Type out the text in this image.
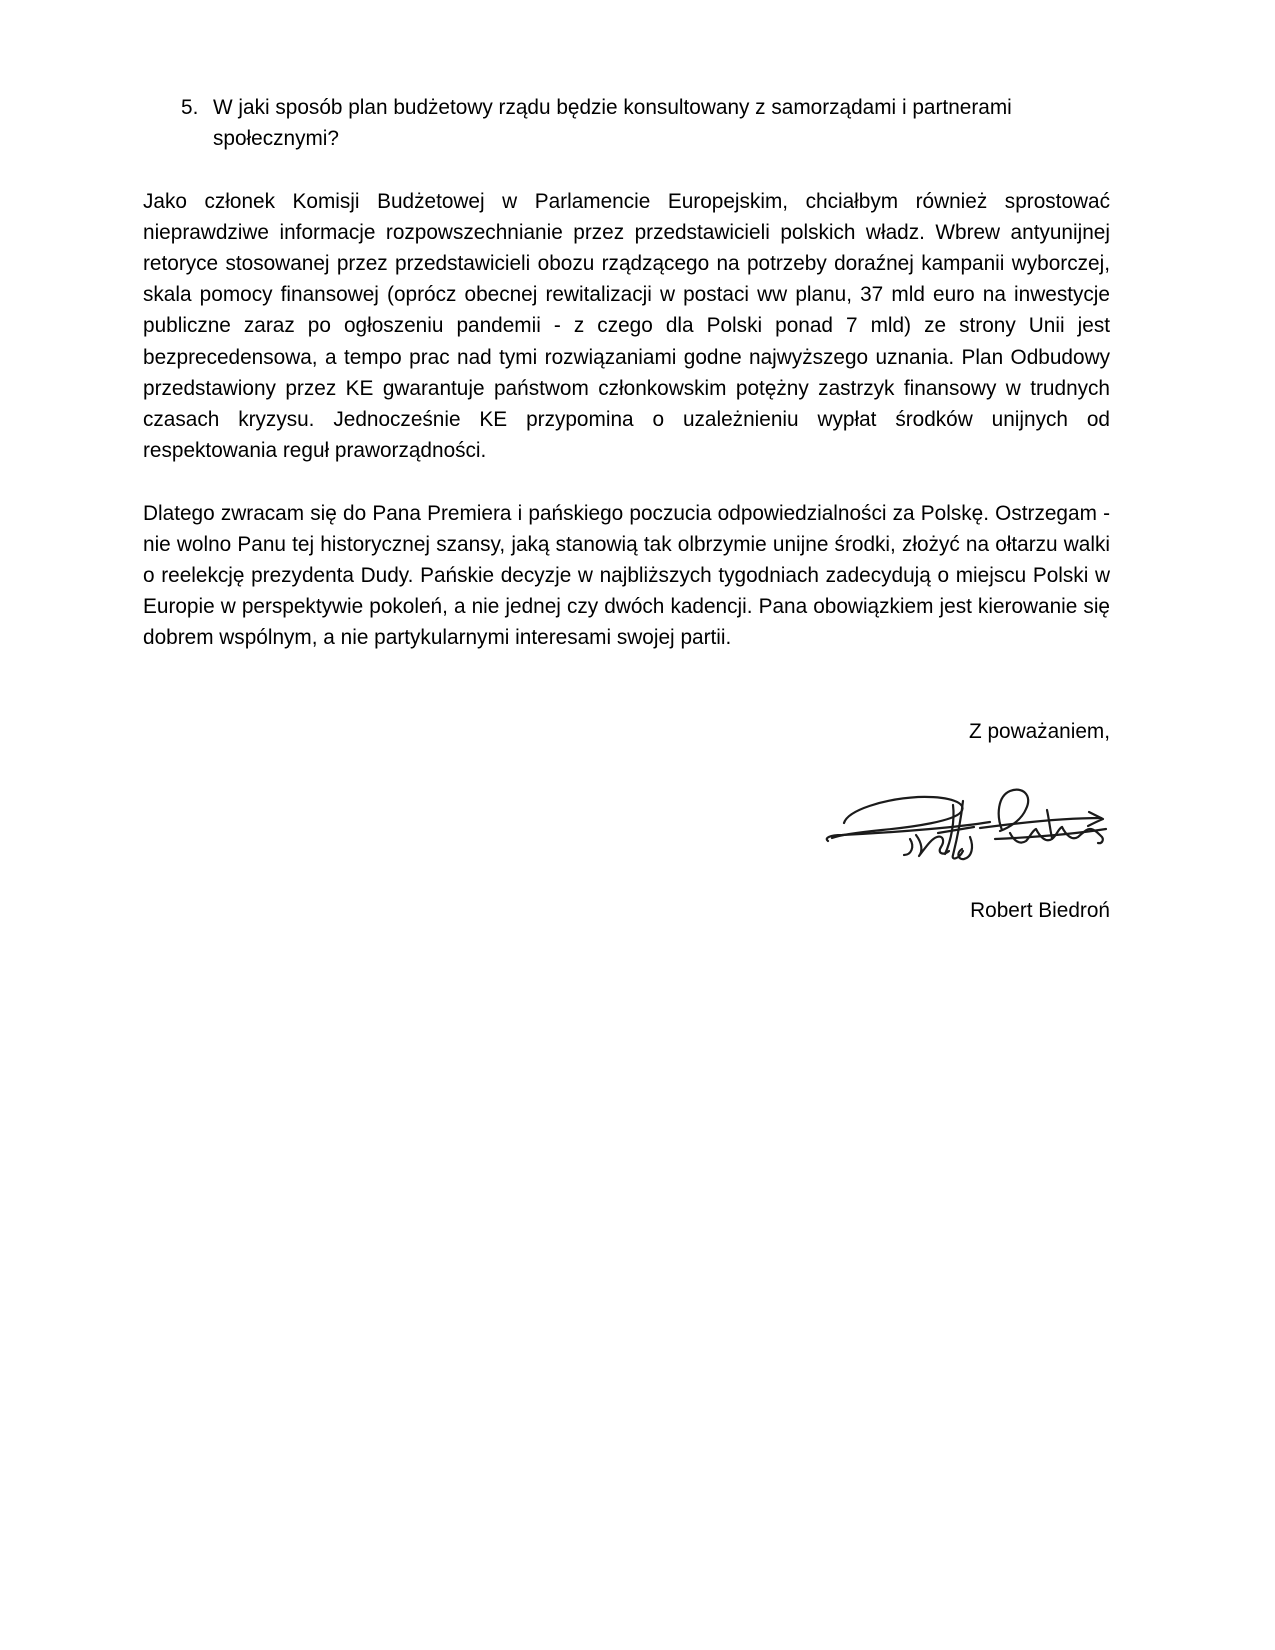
5. W jaki sposób plan budżetowy rządu będzie konsultowany z samorządami i partnerami społecznymi?

Jako członek Komisji Budżetowej w Parlamencie Europejskim, chciałbym również sprostować nieprawdziwe informacje rozpowszechnianie przez przedstawicieli polskich władz. Wbrew antyunijnej retoryce stosowanej przez przedstawicieli obozu rządzącego na potrzeby doraźnej kampanii wyborczej, skala pomocy finansowej (oprócz obecnej rewitalizacji w postaci ww planu, 37 mld euro na inwestycje publiczne zaraz po ogłoszeniu pandemii - z czego dla Polski ponad 7 mld) ze strony Unii jest bezprecedensowa, a tempo prac nad tymi rozwiązaniami godne najwyższego uznania. Plan Odbudowy przedstawiony przez KE gwarantuje państwom członkowskim potężny zastrzyk finansowy w trudnych czasach kryzysu. Jednocześnie KE przypomina o uzależnieniu wypłat środków unijnych od respektowania reguł praworządności.

Dlatego zwracam się do Pana Premiera i pańskiego poczucia odpowiedzialności za Polskę. Ostrzegam - nie wolno Panu tej historycznej szansy, jaką stanowią tak olbrzymie unijne środki, złożyć na ołtarzu walki o reelekcję prezydenta Dudy. Pańskie decyzje w najbliższych tygodniach zadecydują o miejscu Polski w Europie w perspektywie pokoleń, a nie jednej czy dwóch kadencji. Pana obowiązkiem jest kierowanie się dobrem wspólnym, a nie partykularnymi interesami swojej partii.

Z poważaniem,

Robert Biedroń
